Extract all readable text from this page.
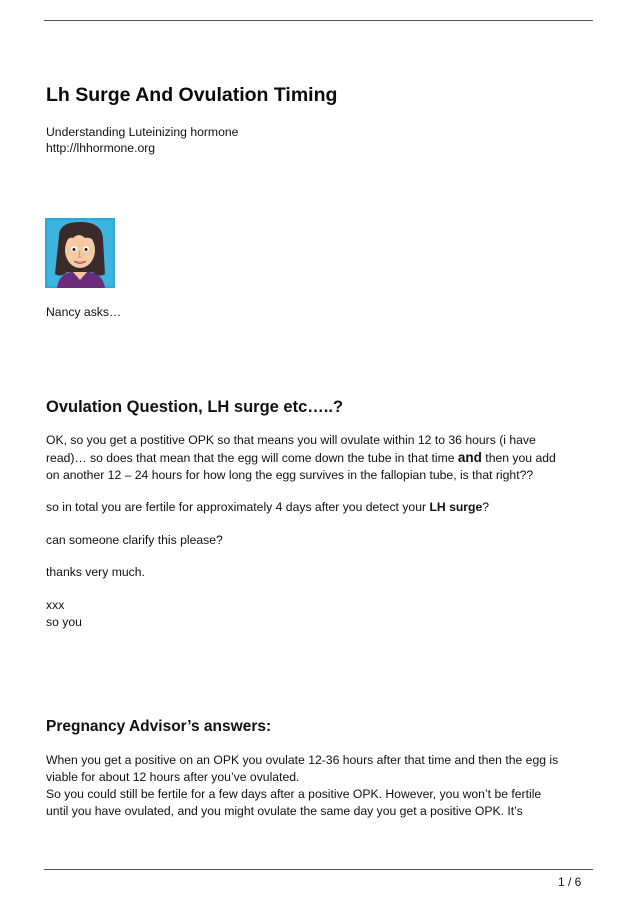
Lh Surge And Ovulation Timing
Understanding Luteinizing hormone
http://lhhormone.org

Nancy asks…

Ovulation Question, LH surge etc…..?
OK, so you get a postitive OPK so that means you will ovulate within 12 to 36 hours (i have
read)… so does that mean that the egg will come down the tube in that time and then you add
on another 12 – 24 hours for how long the egg survives in the fallopian tube, is that right??
so in total you are fertile for approximately 4 days after you detect your LH surge?
can someone clarify this please?
thanks very much.
xxx
so you
Pregnancy Advisor’s answers:
When you get a positive on an OPK you ovulate 12-36 hours after that time and then the egg is
viable for about 12 hours after you’ve ovulated.
So you could still be fertile for a few days after a positive OPK. However, you won’t be fertile
until you have ovulated, and you might ovulate the same day you get a positive OPK. It’s
1 / 6
